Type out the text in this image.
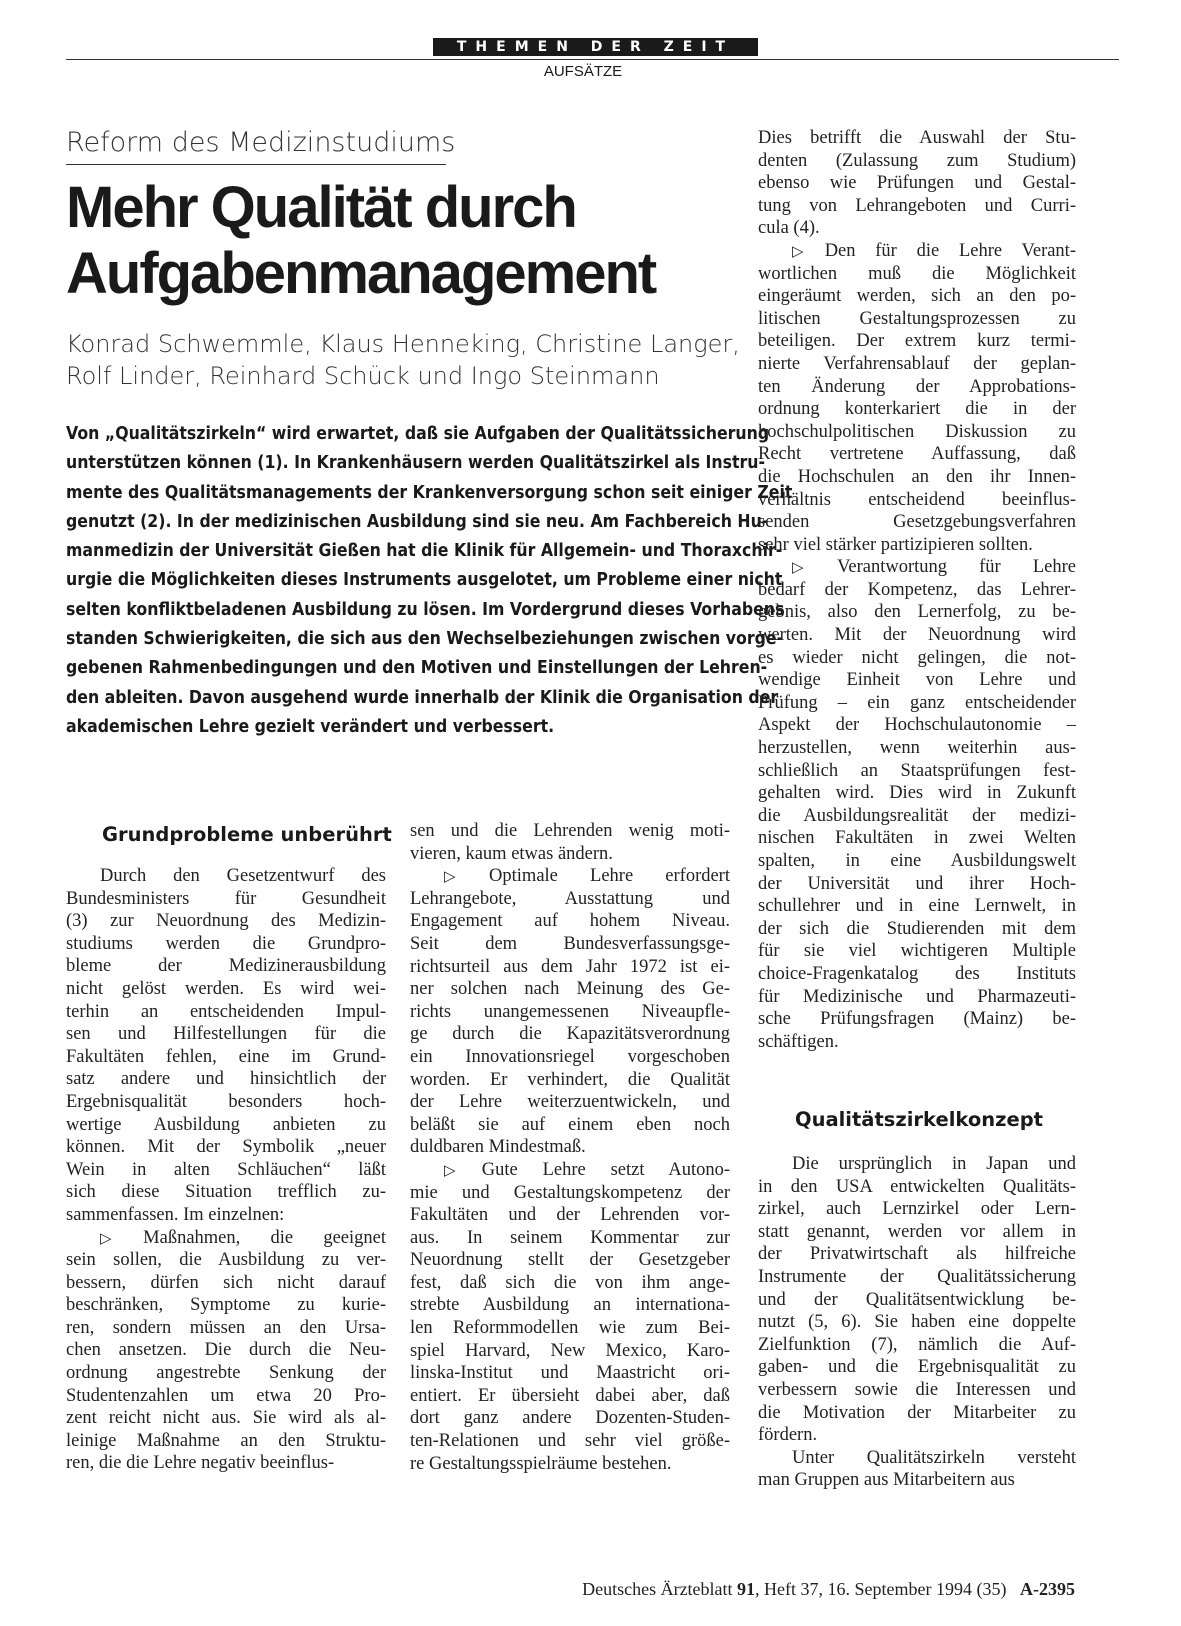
THEMEN DER ZEIT
AUFSÄTZE
Reform des Medizinstudiums
Mehr Qualität durch
Aufgabenmanagement
Konrad Schwemmle, Klaus Henneking, Christine Langer,
Rolf Linder, Reinhard Schück und Ingo Steinmann
Von „Qualitätszirkeln“ wird erwartet, daß sie Aufgaben der Qualitätssicherung
unterstützen können (1). In Krankenhäusern werden Qualitätszirkel als Instru-
mente des Qualitätsmanagements der Krankenversorgung schon seit einiger Zeit
genutzt (2). In der medizinischen Ausbildung sind sie neu. Am Fachbereich Hu-
manmedizin der Universität Gießen hat die Klinik für Allgemein- und Thoraxchir-
urgie die Möglichkeiten dieses Instruments ausgelotet, um Probleme einer nicht
selten konfliktbeladenen Ausbildung zu lösen. Im Vordergrund dieses Vorhabens
standen Schwierigkeiten, die sich aus den Wechselbeziehungen zwischen vorge-
gebenen Rahmenbedingungen und den Motiven und Einstellungen der Lehren-
den ableiten. Davon ausgehend wurde innerhalb der Klinik die Organisation der
akademischen Lehre gezielt verändert und verbessert.
Grundprobleme unberührt
Qualitätszirkelkonzept
Durch den Gesetzentwurf des
Bundesministers für Gesundheit
(3) zur Neuordnung des Medizin-
studiums werden die Grundpro-
bleme der Medizinerausbildung
nicht gelöst werden. Es wird wei-
terhin an entscheidenden Impul-
sen und Hilfestellungen für die
Fakultäten fehlen, eine im Grund-
satz andere und hinsichtlich der
Ergebnisqualität besonders hoch-
wertige Ausbildung anbieten zu
können. Mit der Symbolik „neuer
Wein in alten Schläuchen“ läßt
sich diese Situation trefflich zu-
sammenfassen. Im einzelnen:
▷ Maßnahmen, die geeignet
sein sollen, die Ausbildung zu ver-
bessern, dürfen sich nicht darauf
beschränken, Symptome zu kurie-
ren, sondern müssen an den Ursa-
chen ansetzen. Die durch die Neu-
ordnung angestrebte Senkung der
Studentenzahlen um etwa 20 Pro-
zent reicht nicht aus. Sie wird als al-
leinige Maßnahme an den Struktu-
ren, die die Lehre negativ beeinflus-
sen und die Lehrenden wenig moti-
vieren, kaum etwas ändern.
▷ Optimale Lehre erfordert
Lehrangebote, Ausstattung und
Engagement auf hohem Niveau.
Seit dem Bundesverfassungsge-
richtsurteil aus dem Jahr 1972 ist ei-
ner solchen nach Meinung des Ge-
richts unangemessenen Niveaupfle-
ge durch die Kapazitätsverordnung
ein Innovationsriegel vorgeschoben
worden. Er verhindert, die Qualität
der Lehre weiterzuentwickeln, und
beläßt sie auf einem eben noch
duldbaren Mindestmaß.
▷ Gute Lehre setzt Autono-
mie und Gestaltungskompetenz der
Fakultäten und der Lehrenden vor-
aus. In seinem Kommentar zur
Neuordnung stellt der Gesetzgeber
fest, daß sich die von ihm ange-
strebte Ausbildung an internationa-
len Reformmodellen wie zum Bei-
spiel Harvard, New Mexico, Karo-
linska-Institut und Maastricht ori-
entiert. Er übersieht dabei aber, daß
dort ganz andere Dozenten-Studen-
ten-Relationen und sehr viel größe-
re Gestaltungsspielräume bestehen.
Dies betrifft die Auswahl der Stu-
denten (Zulassung zum Studium)
ebenso wie Prüfungen und Gestal-
tung von Lehrangeboten und Curri-
cula (4).
▷ Den für die Lehre Verant-
wortlichen muß die Möglichkeit
eingeräumt werden, sich an den po-
litischen Gestaltungsprozessen zu
beteiligen. Der extrem kurz termi-
nierte Verfahrensablauf der geplan-
ten Änderung der Approbations-
ordnung konterkariert die in der
hochschulpolitischen Diskussion zu
Recht vertretene Auffassung, daß
die Hochschulen an den ihr Innen-
verhältnis entscheidend beeinflus-
senden Gesetzgebungsverfahren
sehr viel stärker partizipieren sollten.
▷ Verantwortung für Lehre
bedarf der Kompetenz, das Lehrer-
gebnis, also den Lernerfolg, zu be-
werten. Mit der Neuordnung wird
es wieder nicht gelingen, die not-
wendige Einheit von Lehre und
Prüfung – ein ganz entscheidender
Aspekt der Hochschulautonomie –
herzustellen, wenn weiterhin aus-
schließlich an Staatsprüfungen fest-
gehalten wird. Dies wird in Zukunft
die Ausbildungsrealität der medizi-
nischen Fakultäten in zwei Welten
spalten, in eine Ausbildungswelt
der Universität und ihrer Hoch-
schullehrer und in eine Lernwelt, in
der sich die Studierenden mit dem
für sie viel wichtigeren Multiple
choice-Fragenkatalog des Instituts
für Medizinische und Pharmazeuti-
sche Prüfungsfragen (Mainz) be-
schäftigen.
Die ursprünglich in Japan und
in den USA entwickelten Qualitäts-
zirkel, auch Lernzirkel oder Lern-
statt genannt, werden vor allem in
der Privatwirtschaft als hilfreiche
Instrumente der Qualitätssicherung
und der Qualitätsentwicklung be-
nutzt (5, 6). Sie haben eine doppelte
Zielfunktion (7), nämlich die Auf-
gaben- und die Ergebnisqualität zu
verbessern sowie die Interessen und
die Motivation der Mitarbeiter zu
fördern.
Unter Qualitätszirkeln versteht
man Gruppen aus Mitarbeitern aus
Deutsches Ärzteblatt 91, Heft 37, 16. September 1994 (35) A-2395
